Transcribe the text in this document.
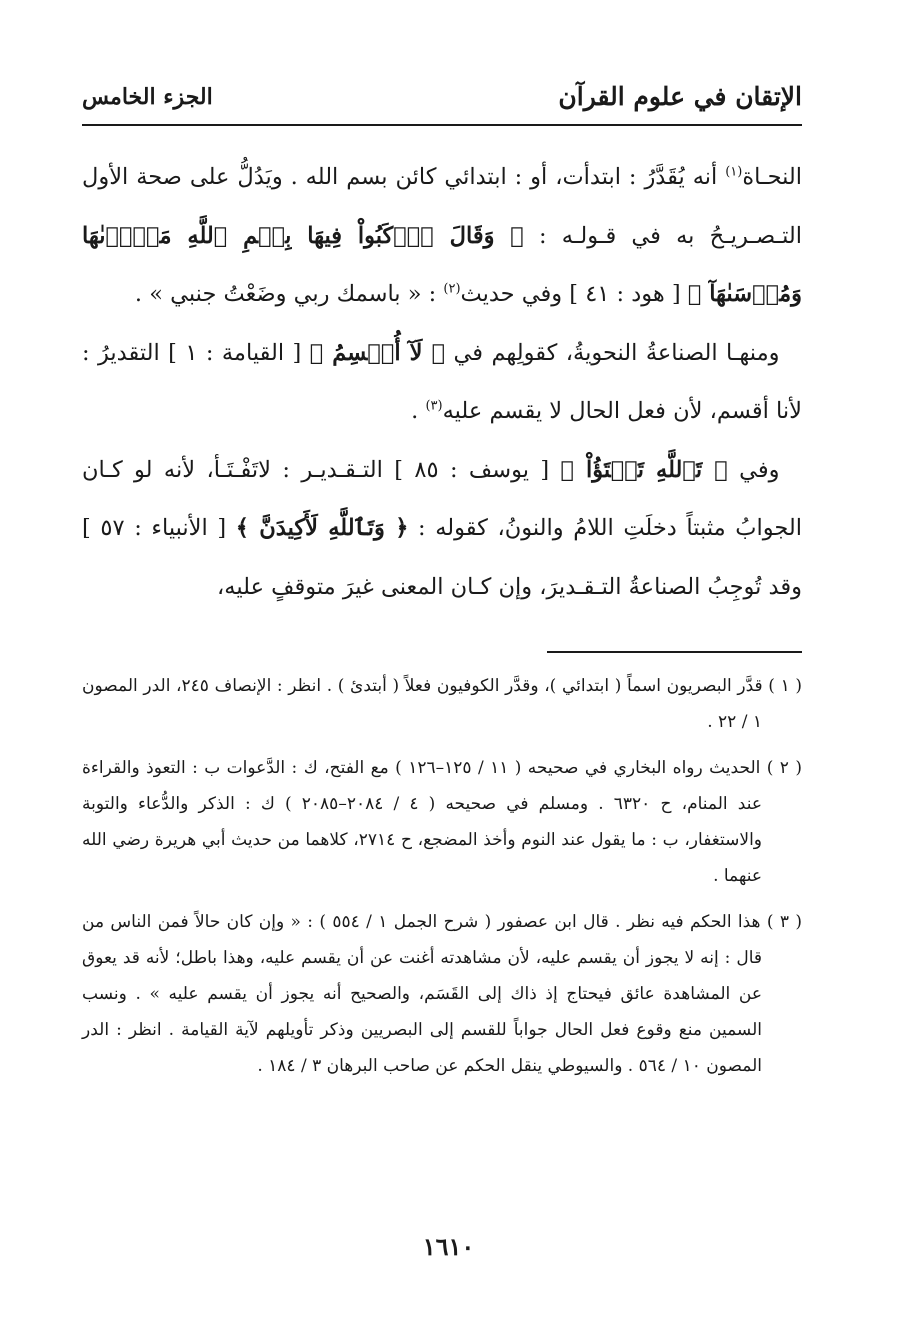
الإتقان في علوم القرآن
الجزء الخامس

النحـاة$^{(١)}$ أنه يُقَدَّرُ : ابتدأت، أو : ابتدائي كائن بسم الله . ويَدُلُّ على صحة الأول التـصـريـحُ به في قـولـه : ﴿ وَقَالَ ٱرۡكَبُواْ فِيهَا بِسۡمِ ٱللَّهِ مَجۡرٜىٰهَا وَمُرۡسَىٰهَآ ﴾ [ هود : ٤١ ] وفي حديث$^{(٢)}$ : « باسمك ربي وضَعْتُ جنبي » .

 ومنهـا الصناعةُ النحويةُ، كقولِهم في ﴿ لَآ أُقۡسِمُ ﴾ [ القيامة : ١ ] التقديرُ : لأنا أقسم، لأن فعل الحال لا يقسم عليه$^{(٣)}$ .

 وفي ﴿ تَٱللَّهِ تَفۡتَؤُاْ ﴾ [ يوسف : ٨٥ ] التـقـديـر : لاتَفْـتَـأ، لأنه لو كـان الجوابُ مثبتاً دخلَتِ اللامُ والنونُ، كقوله : ﴿ وَتَٱللَّهِ لَأَكِيدَنَّ ﴾ [ الأنبياء : ٥٧ ] وقد تُوجِبُ الصناعةُ التـقـديرَ، وإن كـان المعنى غيرَ متوقفٍ عليه،

( ١ ) قدَّر البصريون اسماً ( ابتدائي )، وقدَّر الكوفيون فعلاً ( أبتدئ ) . انظر : الإنصاف ٢٤٥، الدر المصون ١ / ٢٢ .

( ٢ ) الحديث رواه البخاري في صحيحه ( ١١ / ١٢٥–١٢٦ ) مع الفتح، ك : الدَّعوات ب : التعوذ والقراءة عند المنام، ح ٦٣٢٠ . ومسلم في صحيحه ( ٤ / ٢٠٨٤–٢٠٨٥ ) ك : الذكر والدُّعاء والتوبة والاستغفار، ب : ما يقول عند النوم وأخذ المضجع، ح ٢٧١٤، كلاهما من حديث أبي هريرة رضي الله عنهما .

( ٣ ) هذا الحكم فيه نظر . قال ابن عصفور ( شرح الجمل ١ / ٥٥٤ ) : « وإن كان حالاً فمن الناس من قال : إنه لا يجوز أن يقسم عليه، لأن مشاهدته أغنت عن أن يقسم عليه، وهذا باطل؛ لأنه قد يعوق عن المشاهدة عائق فيحتاج إذ ذاك إلى القَسَم، والصحيح أنه يجوز أن يقسم عليه » . ونسب السمين منع وقوع فعل الحال جواباً للقسم إلى البصريين وذكر تأويلهم لآية القيامة . انظر : الدر المصون ١٠ / ٥٦٤ . والسيوطي ينقل الحكم عن صاحب البرهان ٣ / ١٨٤ .

١٦١٠
